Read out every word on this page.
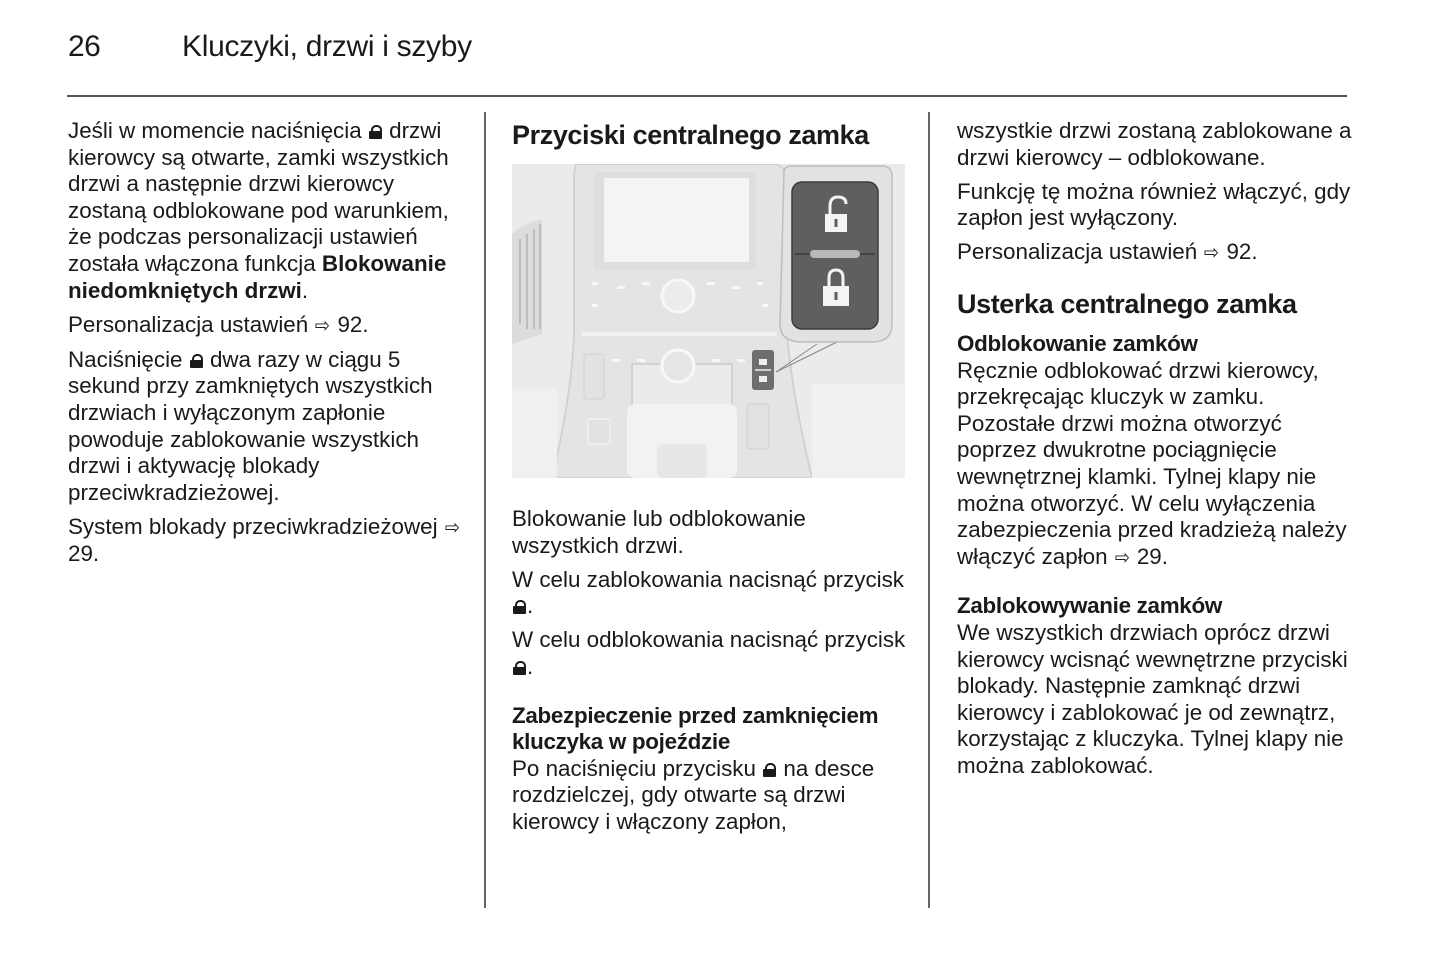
26	Kluczyki, drzwi i szyby

Jeśli w momencie naciśnięcia  drzwi kierowcy są otwarte, zamki wszystkich drzwi a następnie drzwi kierowcy zostaną odblokowane pod warunkiem, że podczas personalizacji ustawień została włączona funkcja Blokowanie niedomkniętych drzwi.

Personalizacja ustawień ⇨ 92.

Naciśnięcie  dwa razy w ciągu 5 sekund przy zamkniętych wszystkich drzwiach i wyłączonym zapłonie powoduje zablokowanie wszystkich drzwi i aktywację blokady przeciwkradzieżowej.

System blokady przeciwkradzieżowej ⇨ 29.

Przyciski centralnego zamka

Blokowanie lub odblokowanie wszystkich drzwi.

W celu zablokowania nacisnąć przycisk .

W celu odblokowania nacisnąć przycisk .

Zabezpieczenie przed zamknięciem kluczyka w pojeździe

Po naciśnięciu przycisku  na desce rozdzielczej, gdy otwarte są drzwi kierowcy i włączony zapłon,

wszystkie drzwi zostaną zablokowane a drzwi kierowcy – odblokowane.

Funkcję tę można również włączyć, gdy zapłon jest wyłączony.

Personalizacja ustawień ⇨ 92.

Usterka centralnego zamka
Odblokowanie zamków

Ręcznie odblokować drzwi kierowcy, przekręcając kluczyk w zamku. Pozostałe drzwi można otworzyć poprzez dwukrotne pociągnięcie wewnętrznej klamki. Tylnej klapy nie można otworzyć. W celu wyłączenia zabezpieczenia przed kradzieżą należy włączyć zapłon ⇨ 29.

Zablokowywanie zamków

We wszystkich drzwiach oprócz drzwi kierowcy wcisnąć wewnętrzne przyciski blokady. Następnie zamknąć drzwi kierowcy i zablokować je od zewnątrz, korzystając z kluczyka. Tylnej klapy nie można zablokować.
